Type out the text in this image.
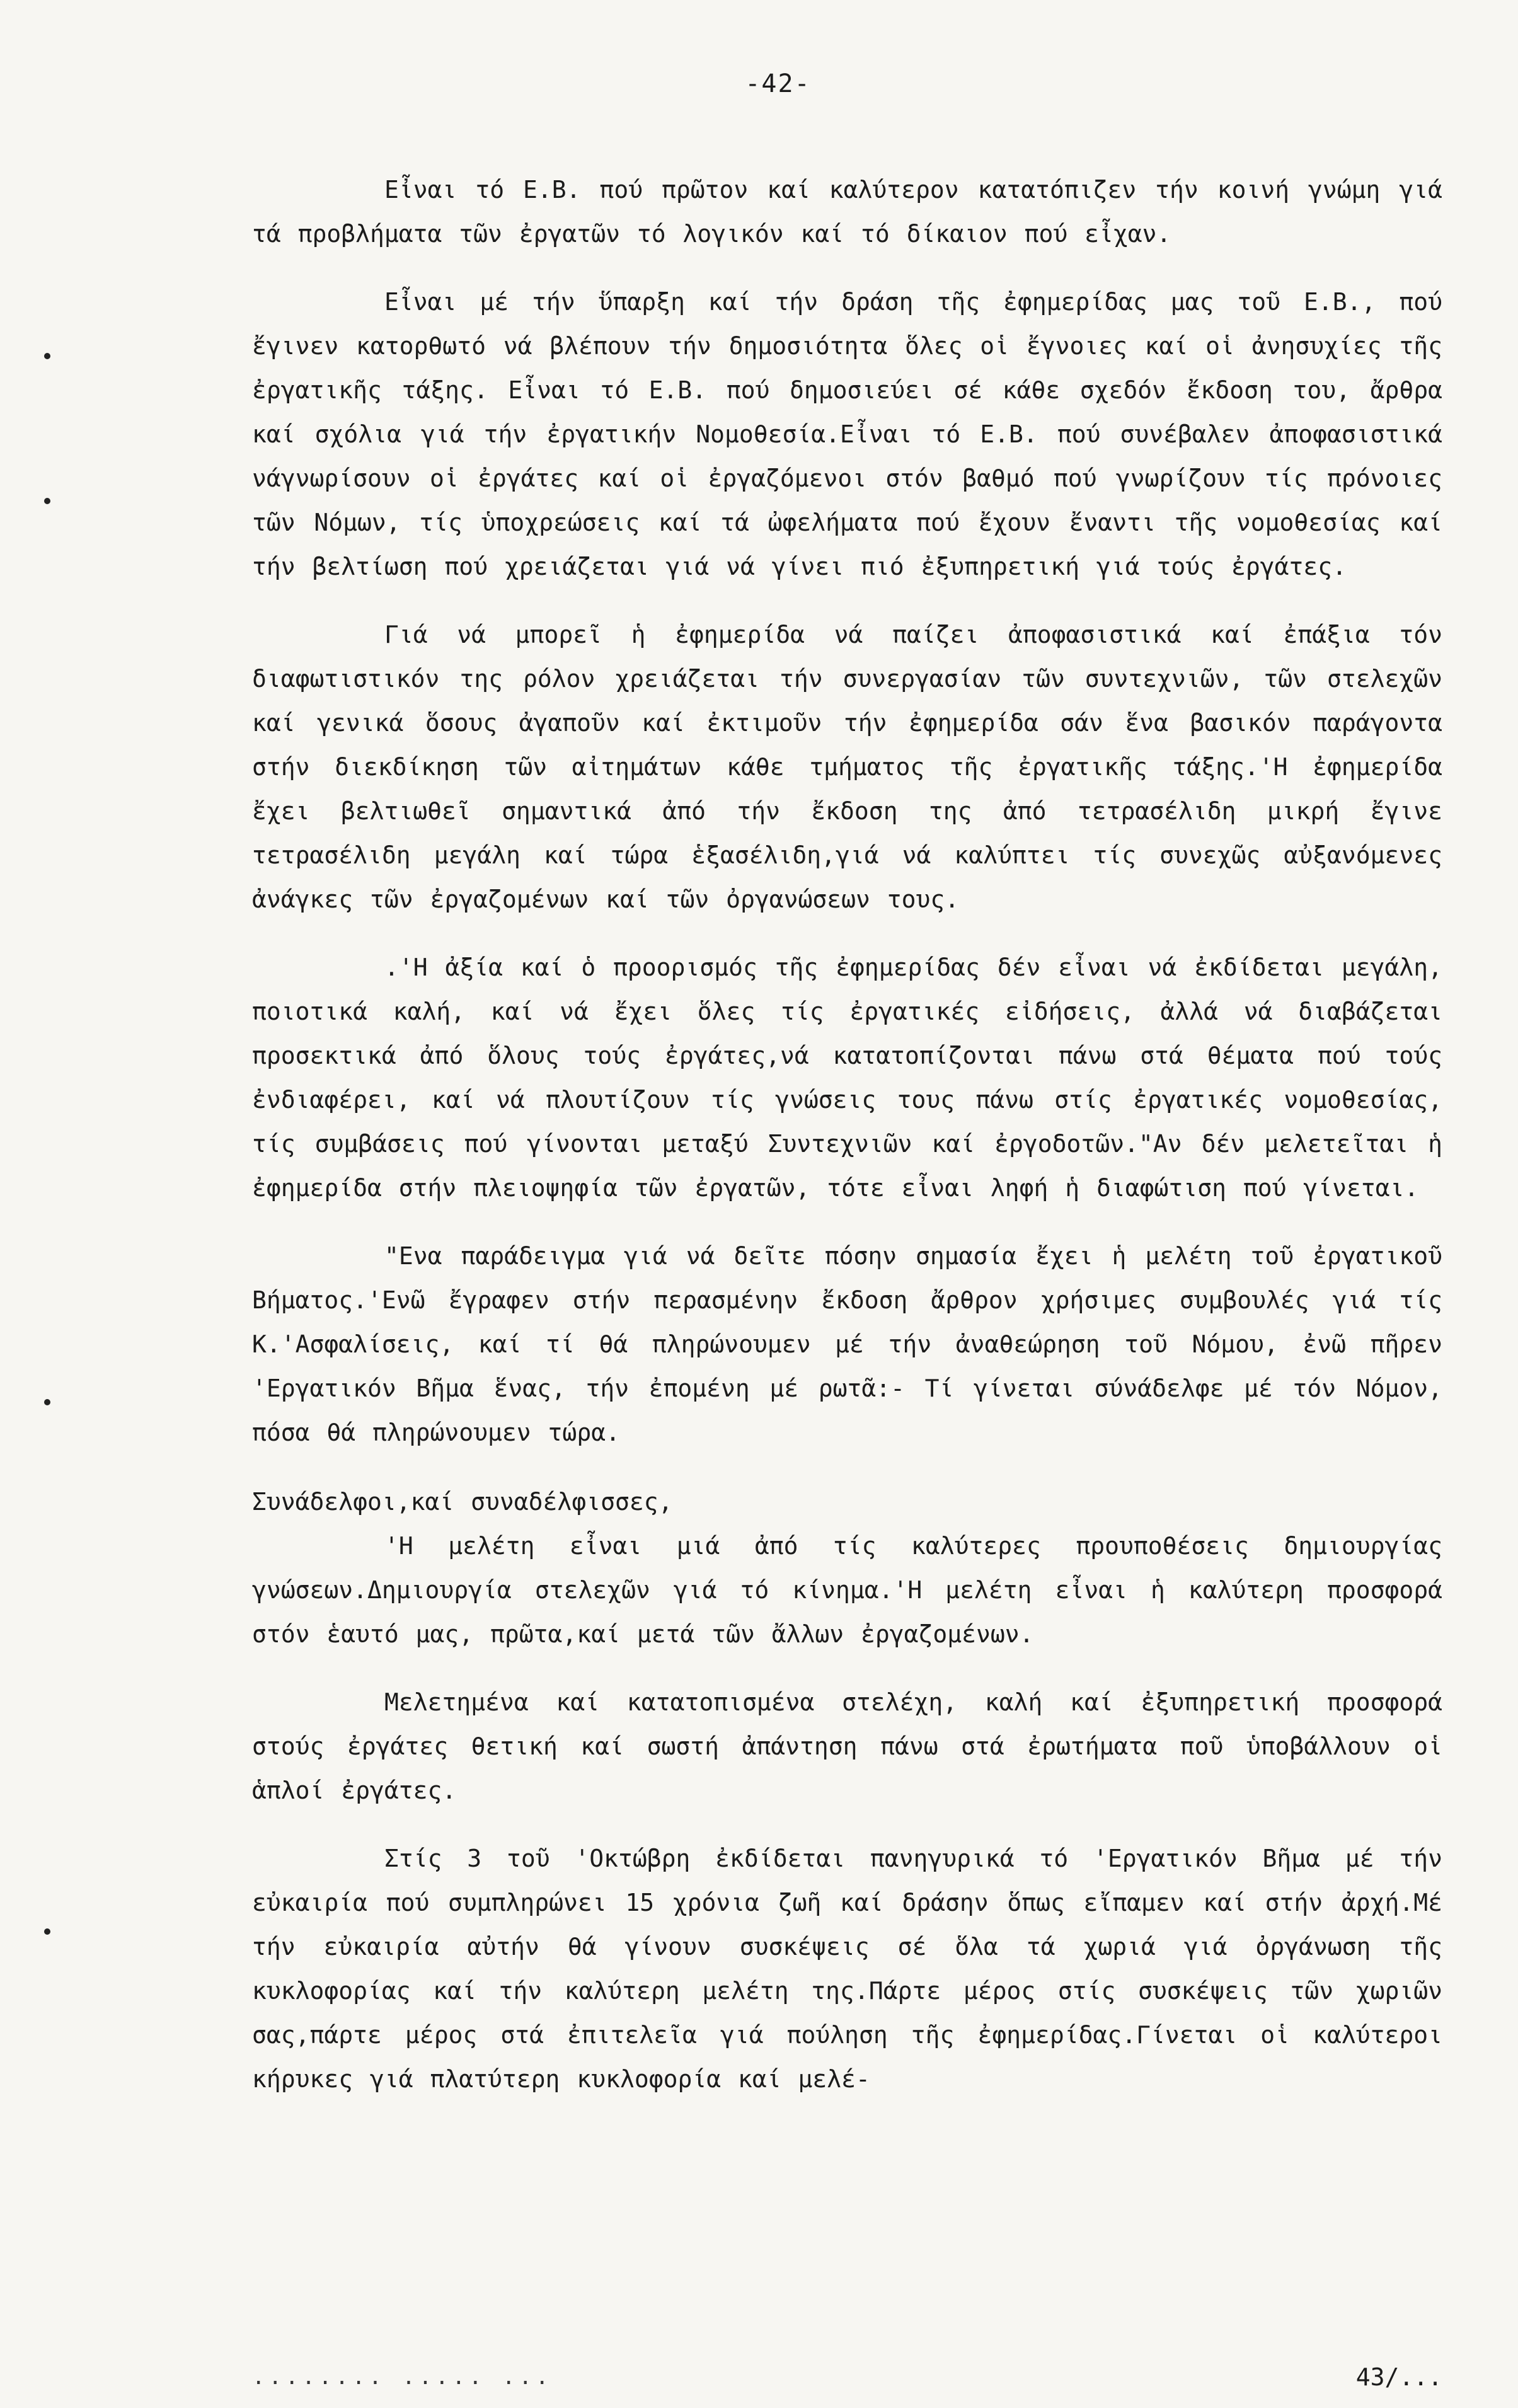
-42-

Εἶναι τό Ε.Β. πού πρῶτον καί καλύτερον κατατόπιζεν τήν κοινή γνώμη γιά τά προβλήματα τῶν ἐργατῶν τό λογικόν καί τό δίκαιον πού εἶχαν.

Εἶναι μέ τήν ὕπαρξη καί τήν δράση τῆς ἐφημερίδας μας τοῦ Ε.Β., πού ἔγινεν κατορθωτό νά βλέπουν τήν δημοσιότητα ὅλες οἱ ἔγνοιες καί οἱ ἀνησυχίες τῆς ἐργατικῆς τάξης. Εἶναι τό Ε.Β. πού δημοσιεύει σέ κάθε σχεδόν ἔκδοση του, ἄρθρα καί σχόλια γιά τήν ἐργατικήν Νομοθεσία.Εἶναι τό Ε.Β. πού συνέβαλεν ἀποφασιστικά νάγνωρίσουν οἱ ἐργάτες καί οἱ ἐργαζόμενοι στόν βαθμό πού γνωρίζουν τίς πρόνοιες τῶν Νόμων, τίς ὑποχρεώσεις καί τά ὠφελήματα πού ἔχουν ἔναντι τῆς νομοθεσίας καί τήν βελτίωση πού χρειάζεται γιά νά γίνει πιό ἐξυπηρετική γιά τούς ἐργάτες.

Γιά νά μπορεῖ ἡ ἐφημερίδα νά παίζει ἀποφασιστικά καί ἐπάξια τόν διαφωτιστικόν της ρόλον χρειάζεται τήν συνεργασίαν τῶν συντεχνιῶν, τῶν στελεχῶν καί γενικά ὅσους ἀγαποῦν καί ἐκτιμοῦν τήν ἐφημερίδα σάν ἕνα βασικόν παράγοντα στήν διεκδίκηση τῶν αἰτημάτων κάθε τμήματος τῆς ἐργατικῆς τάξης.'Η ἐφημερίδα ἔχει βελτιωθεῖ σημαντικά ἀπό τήν ἔκδοση της ἀπό τετρασέλιδη μικρή ἔγινε τετρασέλιδη μεγάλη καί τώρα ἑξασέλιδη,γιά νά καλύπτει τίς συνεχῶς αὐξανόμενες ἀνάγκες τῶν ἐργαζομένων καί τῶν ὀργανώσεων τους.

.'Η ἀξία καί ὁ προορισμός τῆς ἐφημερίδας δέν εἶναι νά ἐκδίδεται μεγάλη, ποιοτικά καλή, καί νά ἔχει ὅλες τίς ἐργατικές εἰδήσεις, ἀλλά νά διαβάζεται προσεκτικά ἀπό ὅλους τούς ἐργάτες,νά κατατοπίζονται πάνω στά θέματα πού τούς ἐνδιαφέρει, καί νά πλουτίζουν τίς γνώσεις τους πάνω στίς ἐργατικές νομοθεσίας, τίς συμβάσεις πού γίνονται μεταξύ Συντεχνιῶν καί ἐργοδοτῶν."Αν δέν μελετεῖται ἡ ἐφημερίδα στήν πλειοψηφία τῶν ἐργατῶν, τότε εἶναι ληφή ἡ διαφώτιση πού γίνεται.

"Ενα παράδειγμα γιά νά δεῖτε πόσην σημασία ἔχει ἡ μελέτη τοῦ ἐργατικοῦ Βήματος.'Ενῶ ἔγραφεν στήν περασμένην ἔκδοση ἄρθρον χρήσιμες συμβουλές γιά τίς Κ.'Ασφαλίσεις, καί τί θά πληρώνουμεν μέ τήν ἀναθεώρηση τοῦ Νόμου, ἐνῶ πῆρεν 'Εργατικόν Βῆμα ἕνας, τήν ἐπομένη μέ ρωτᾶ:- Τί γίνεται σύνάδελφε μέ τόν Νόμον, πόσα θά πληρώνουμεν τώρα.

Συνάδελφοι,καί συναδέλφισσες,

'Η μελέτη εἶναι μιά ἀπό τίς καλύτερες προυποθέσεις δημιουργίας γνώσεων.Δημιουργία στελεχῶν γιά τό κίνημα.'Η μελέτη εἶναι ἡ καλύτερη προσφορά στόν ἑαυτό μας, πρῶτα,καί μετά τῶν ἄλλων ἐργαζομένων.

Μελετημένα καί κατατοπισμένα στελέχη, καλή καί ἐξυπηρετική προσφορά στούς ἐργάτες θετική καί σωστή ἀπάντηση πάνω στά ἐρωτήματα ποῦ ὑποβάλλουν οἱ ἁπλοί ἐργάτες.

Στίς 3 τοῦ 'Οκτώβρη ἐκδίδεται πανηγυρικά τό 'Εργατικόν Βῆμα μέ τήν εὐκαιρία πού συμπληρώνει 15 χρόνια ζωῆ καί δράσην ὅπως εἴπαμεν καί στήν ἀρχή.Μέ τήν εὐκαιρία αὐτήν θά γίνουν συσκέψεις σέ ὅλα τά χωριά γιά ὀργάνωση τῆς κυκλοφορίας καί τήν καλύτερη μελέτη της.Πάρτε μέρος στίς συσκέψεις τῶν χωριῶν σας,πάρτε μέρος στά ἐπιτελεῖα γιά πούληση τῆς ἐφημερίδας.Γίνεται οἱ καλύτεροι κήρυκες γιά πλατύτερη κυκλοφορία καί μελέ-

........ ..... ...	43/...
